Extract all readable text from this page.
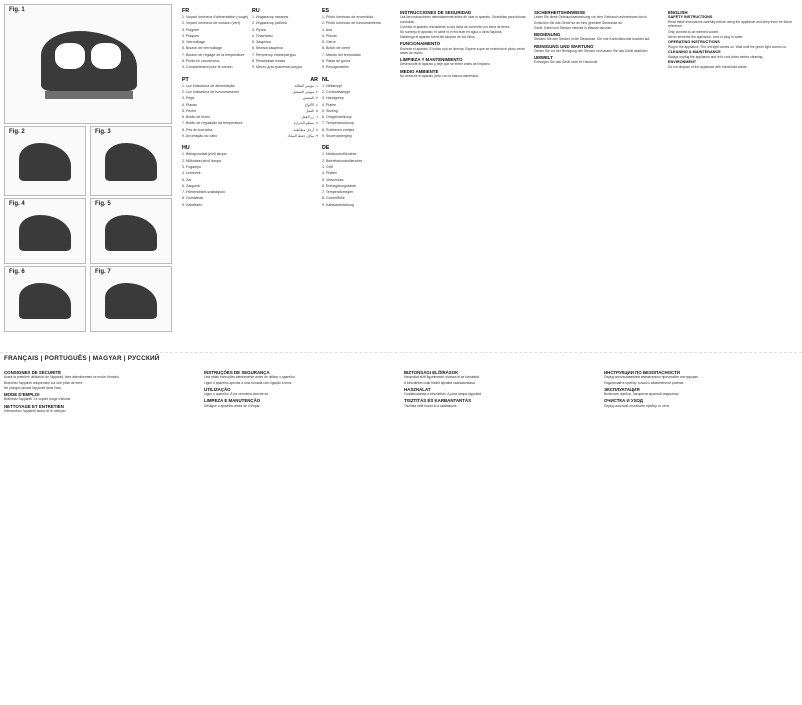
Fig. 1
Fig. 2	Fig. 3
Fig. 4	Fig. 5
Fig. 6	Fig. 7
FR
1. Voyant lumineux d'alimentation (rouge)
2. Voyant lumineux de cuisson (vert)
3. Poignée
4. Plaques
5. Verrouillage
6. Bouton de verrouillage
7. Bouton de réglage de la température
8. Pieds en caoutchouc
9. Compartiment pour le cordon
PT
1. Luz indicadora de alimentação
2. Luz indicadora de funcionamento
3. Pega
4. Placas
5. Fecho
6. Botão de fecho
7. Botão de regulação da temperatura
8. Pés de borracha
9. Arrumação do cabo
HU
1. Bekapcsolást jelző lámpa
2. Működést jelző lámpa
3. Fogantyú
4. Lemezek
5. Zár
6. Zárgomb
7. Hőmérséklet-szabályozó
8. Gumilábak
9. Kábeltartó
RU
1. Индикатор питания
2. Индикатор работы
3. Ручка
4. Пластины
5. Защелка
6. Кнопка защелки
7. Регулятор температуры
8. Резиновые ножки
9. Место для хранения шнура
AR
١. مؤشر الطاقة
٢. مؤشر التشغيل
٣. المقبض
٤. الألواح
٥. القفل
٦. زر القفل
٧. منظم الحرارة
٨. أرجل مطاطية
٩. مكان حفظ السلك
ES
1. Piloto luminoso de encendido
2. Piloto luminoso de funcionamiento
3. Asa
4. Placas
5. Cierre
6. Botón de cierre
7. Mando del termostato
8. Patas de goma
9. Recogecables
NL
1. Netlampje
2. Controlelampje
3. Handgreep
4. Platen
5. Sluiting
6. Ontgrendelknop
7. Temperatuurknop
8. Rubberen voetjes
9. Snoeropberging
DE
1. Netzkontrollleuchte
2. Betriebskontrollleuchte
3. Griff
4. Platten
5. Verschluss
6. Entriegelungstaste
7. Temperaturregler
8. Gummifüße
9. Kabelaufwicklung
INSTRUCCIONES DE SEGURIDAD

Lea las instrucciones detenidamente antes de usar el aparato. Guárdelas para futuras consultas.

Conecte el aparato únicamente a una toma de corriente con toma de tierra.

No sumerja el aparato, el cable ni el enchufe en agua u otros líquidos.

Mantenga el aparato fuera del alcance de los niños.

FUNCIONAMIENTO

Enchufe el aparato. El piloto rojo se ilumina. Espere a que se encienda el piloto verde antes de usarlo.

LIMPIEZA Y MANTENIMIENTO

Desenchufe el aparato y deje que se enfríe antes de limpiarlo.

MEDIO AMBIENTE

No deseche el aparato junto con la basura doméstica.

SICHERHEITSHINWEISE

Lesen Sie diese Gebrauchsanweisung vor dem Gebrauch aufmerksam durch.

Schließen Sie das Gerät nur an eine geerdete Steckdose an.

Gerät, Kabel und Stecker niemals in Wasser tauchen.

BEDIENUNG

Stecken Sie den Stecker in die Steckdose. Die rote Kontrollleuchte leuchtet auf.

REINIGUNG UND WARTUNG

Ziehen Sie vor der Reinigung den Stecker und lassen Sie das Gerät abkühlen.

UMWELT

Entsorgen Sie das Gerät nicht im Hausmüll.

ENGLISH
SAFETY INSTRUCTIONS

Read these instructions carefully before using the appliance and keep them for future reference.

Only connect to an earthed socket.

Never immerse the appliance, cord or plug in water.

OPERATING INSTRUCTIONS

Plug in the appliance. The red light comes on. Wait until the green light comes on.

CLEANING & MAINTENANCE

Always unplug the appliance and let it cool down before cleaning.

ENVIRONMENT

Do not dispose of the appliance with household waste.

FRANÇAIS | PORTUGUÊS | MAGYAR | РУССКИЙ
CONSIGNES DE SÉCURITÉ

Avant la première utilisation de l'appareil, lisez attentivement ce mode d'emploi.

Branchez l'appareil uniquement sur une prise de terre.

Ne plongez jamais l'appareil dans l'eau.

MODE D'EMPLOI

Branchez l'appareil. Le voyant rouge s'allume.

NETTOYAGE ET ENTRETIEN

Débranchez l'appareil avant de le nettoyer.

INSTRUÇÕES DE SEGURANÇA

Leia estas instruções atentamente antes de utilizar o aparelho.

Ligue o aparelho apenas a uma tomada com ligação à terra.

UTILIZAÇÃO

Ligue o aparelho. A luz vermelha acende-se.

LIMPEZA E MANUTENÇÃO

Desligue o aparelho antes de o limpar.

BIZTONSÁGI ELŐÍRÁSOK

Használat előtt figyelmesen olvassa el az útmutatót.

A készüléket csak földelt aljzatba csatlakoztassa.

HASZNÁLAT

Csatlakoztassa a készüléket. A piros lámpa kigyullad.

TISZTÍTÁS ÉS KARBANTARTÁS

Tisztítás előtt húzza ki a csatlakozót.

ИНСТРУКЦИИ ПО БЕЗОПАСНОСТИ

Перед использованием внимательно прочитайте инструкцию.

Подключайте прибор только к заземленной розетке.

ЭКСПЛУАТАЦИЯ

Включите прибор. Загорится красный индикатор.

ОЧИСТКА И УХОД

Перед очисткой отключите прибор от сети.
